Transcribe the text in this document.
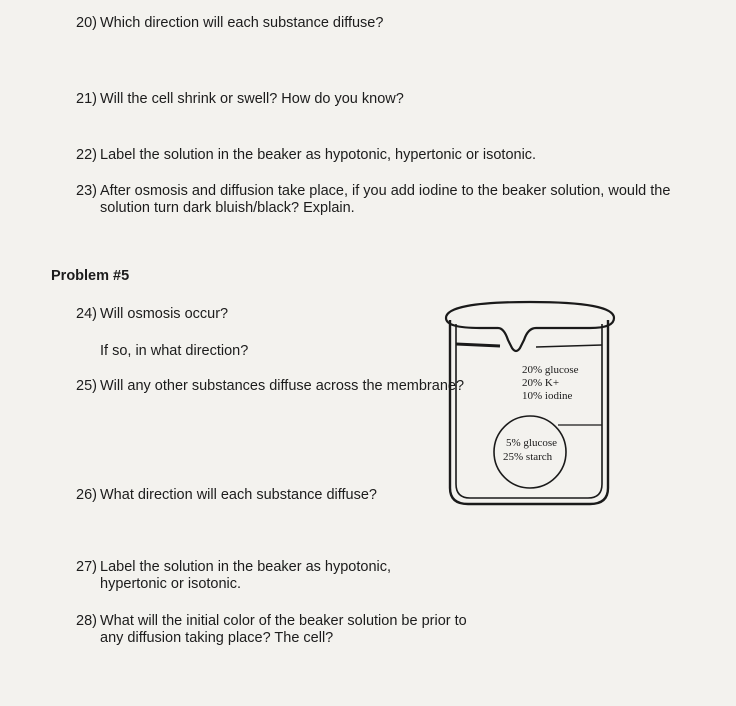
20) Which direction will each substance diffuse?
21) Will the cell shrink or swell? How do you know?
22) Label the solution in the beaker as hypotonic, hypertonic or isotonic.
23) After osmosis and diffusion take place, if you add iodine to the beaker solution, would the
solution turn dark bluish/black? Explain.
Problem #5
24) Will osmosis occur?
If so, in what direction?
25) Will any other substances diffuse across the membrane?
26) What direction will each substance diffuse?
27) Label the solution in the beaker as hypotonic,
hypertonic or isotonic.
28) What will the initial color of the beaker solution be prior to
any diffusion taking place? The cell?
20% glucose
20% K+
10% iodine
5% glucose
25% starch
